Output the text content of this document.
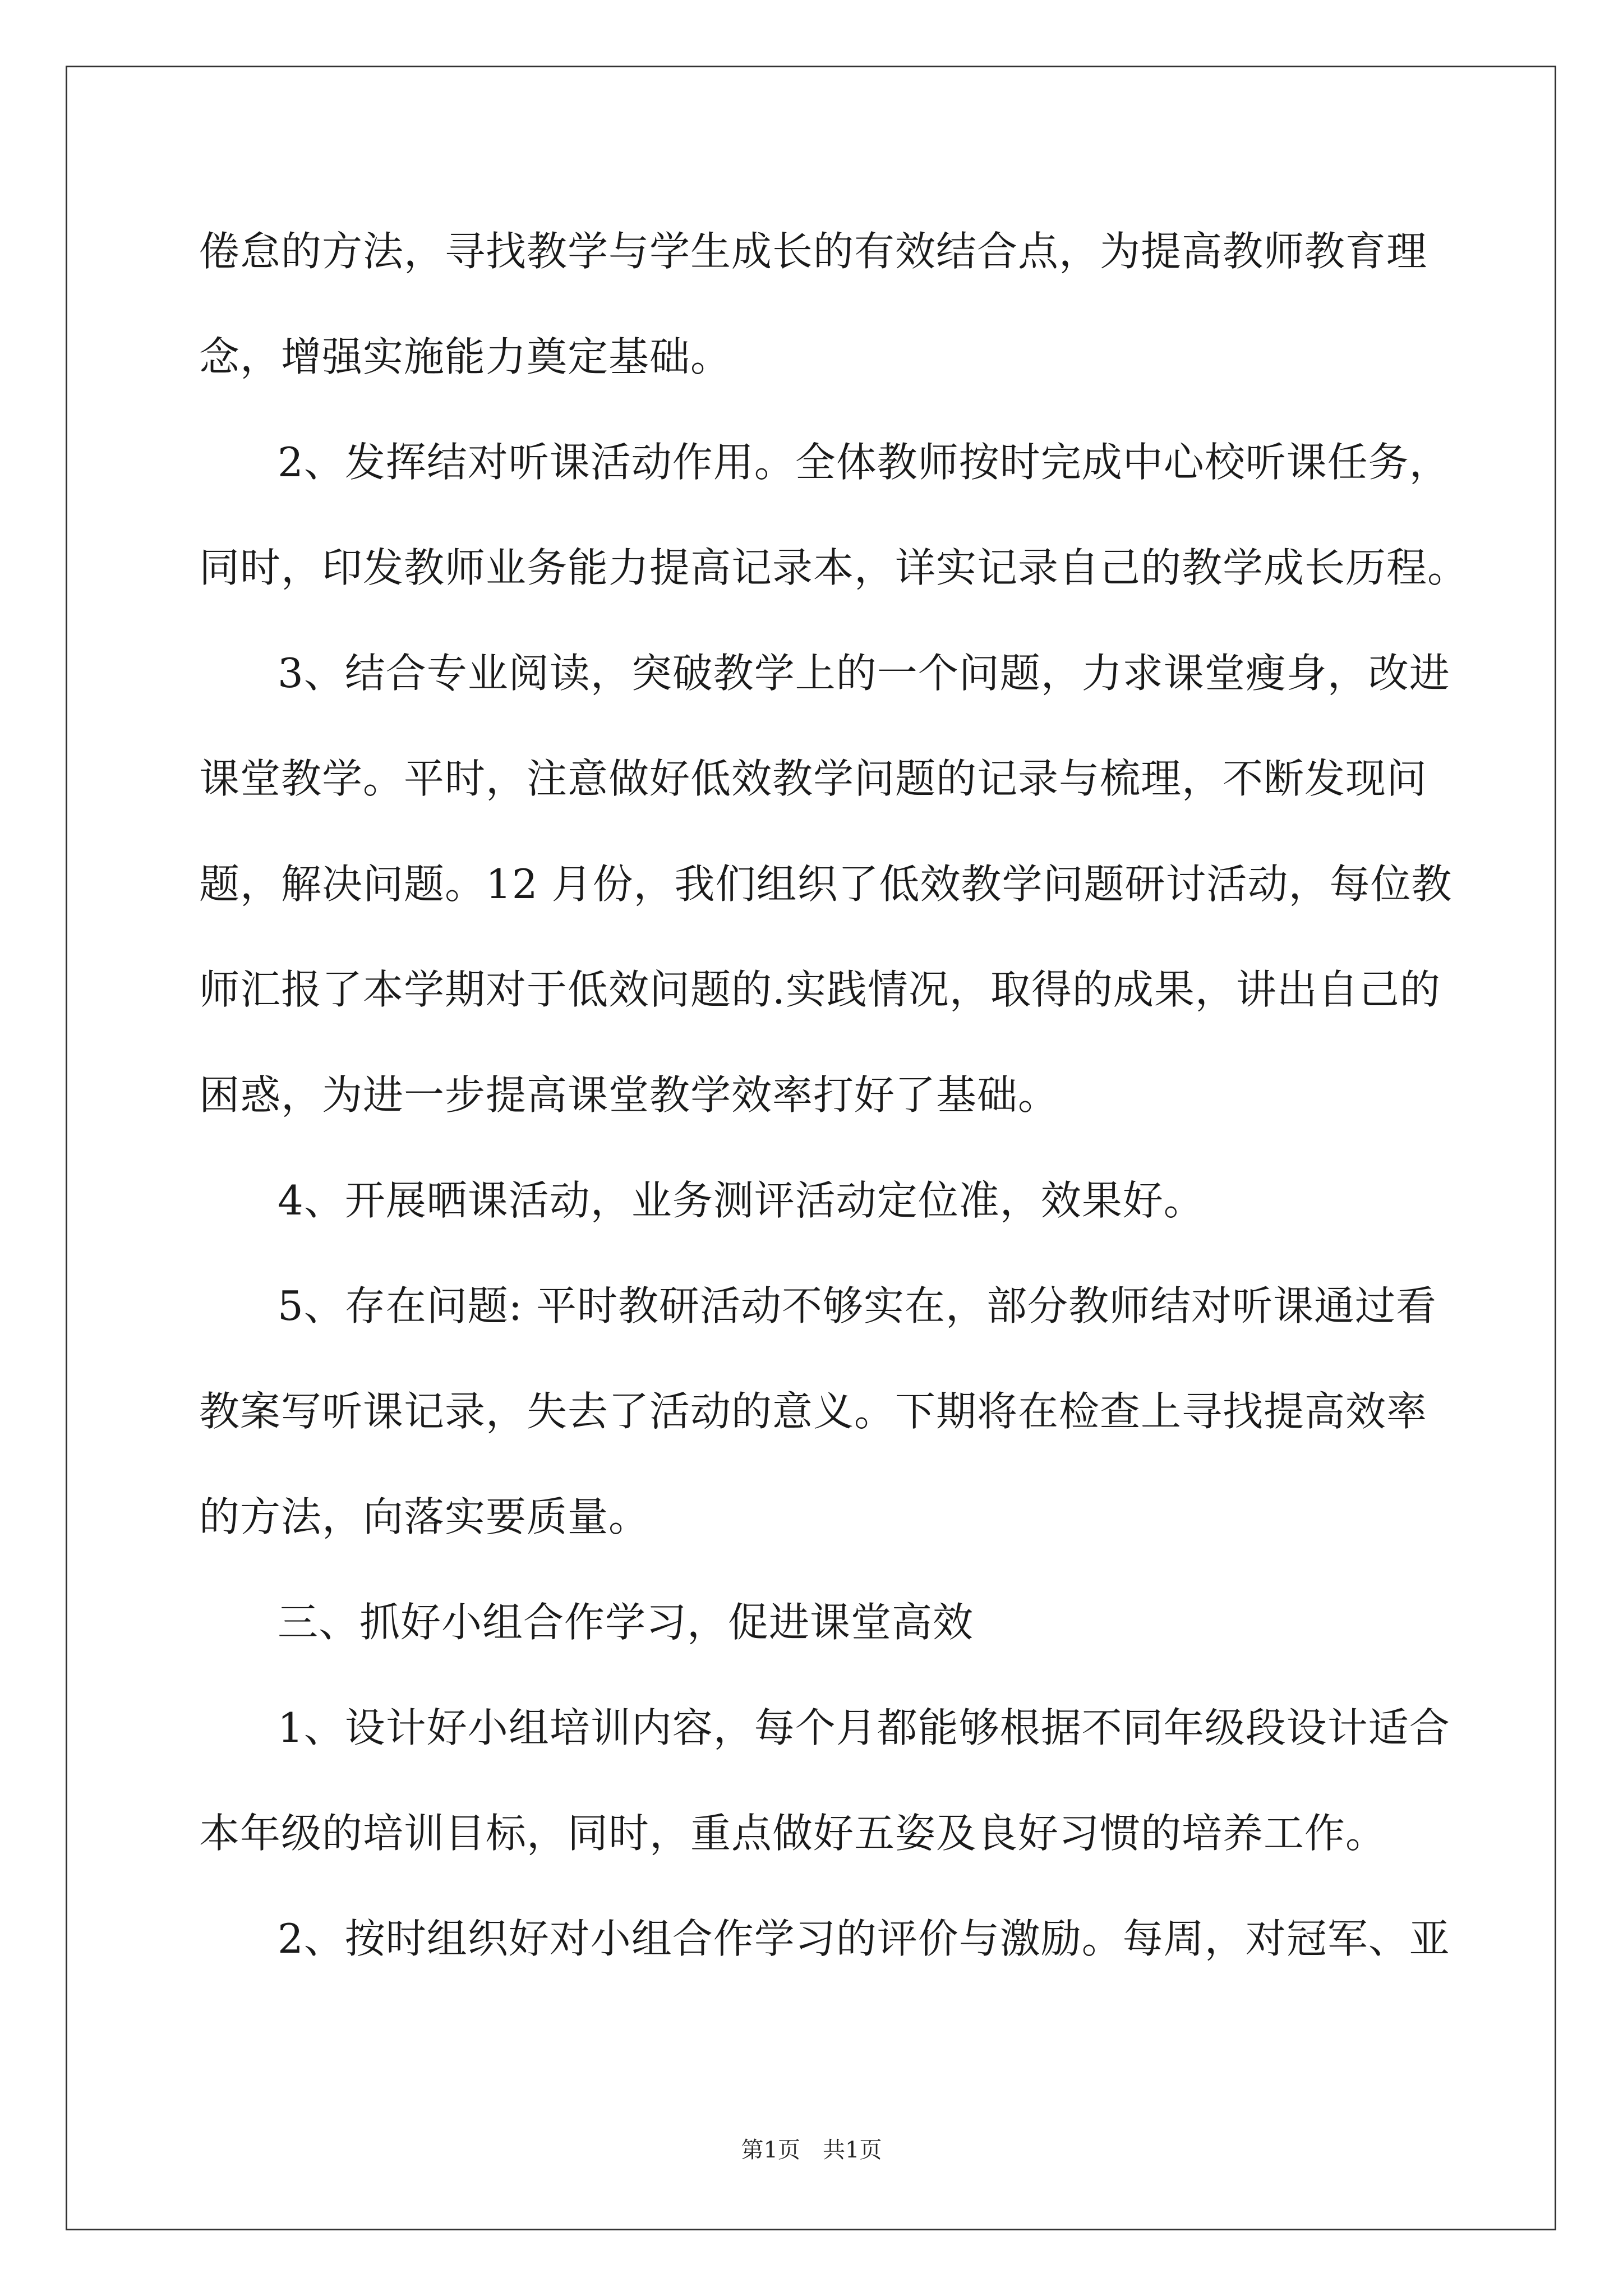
倦怠的方法，寻找教学与学生成长的有效结合点，为提高教师教育理
念，增强实施能力奠定基础。
2、发挥结对听课活动作用。全体教师按时完成中心校听课任务，
同时，印发教师业务能力提高记录本，详实记录自己的教学成长历程。
3、结合专业阅读，突破教学上的一个问题，力求课堂瘦身，改进
课堂教学。平时，注意做好低效教学问题的记录与梳理，不断发现问
题，解决问题。12 月份，我们组织了低效教学问题研讨活动，每位教
师汇报了本学期对于低效问题的.实践情况，取得的成果，讲出自己的
困惑，为进一步提高课堂教学效率打好了基础。
4、开展晒课活动，业务测评活动定位准，效果好。
5、存在问题: 平时教研活动不够实在，部分教师结对听课通过看
教案写听课记录，失去了活动的意义。下期将在检查上寻找提高效率
的方法，向落实要质量。
三、抓好小组合作学习，促进课堂高效
1、设计好小组培训内容，每个月都能够根据不同年级段设计适合
本年级的培训目标，同时，重点做好五姿及良好习惯的培养工作。
2、按时组织好对小组合作学习的评价与激励。每周，对冠军、亚
第1页 共1页
